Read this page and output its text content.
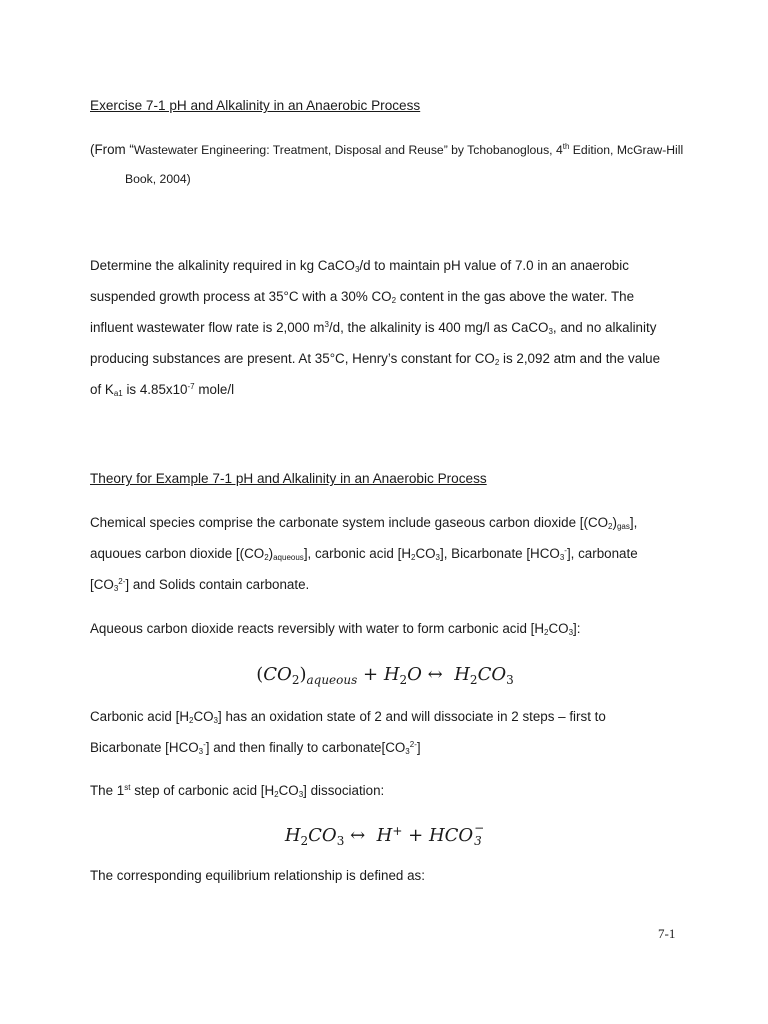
Exercise 7-1 pH and Alkalinity in an Anaerobic Process
(From “Wastewater Engineering: Treatment, Disposal and Reuse” by Tchobanoglous, 4th Edition, McGraw-Hill
Book, 2004)
Determine the alkalinity required in kg CaCO$_3$/d to maintain pH value of 7.0 in an anaerobic
suspended growth process at 35°C with a 30% $CO_2$ content in the gas above the water. The
influent wastewater flow rate is 2,000 $m^3/d$, the alkalinity is 400 mg/l as CaCO$_3$, and no alkalinity
producing substances are present. At 35°C, Henry’s constant for $CO_2$ is 2,092 atm and the value
of $K_{a1}$ is $4.85x10^{-7}$ mole/l
Theory for Example 7-1 pH and Alkalinity in an Anaerobic Process
Chemical species comprise the carbonate system include gaseous carbon dioxide $[(CO_2)_{gas}]$,
aquoues carbon dioxide $[(CO_2)_{aqueous}]$, carbonic acid $[H_2CO_3]$, Bicarbonate $[HCO_3^-]$, carbonate
$[CO_3^{2-}]$ and Solids contain carbonate.
Aqueous carbon dioxide reacts reversibly with water to form carbonic acid $[H_2CO_3]$:
$(CO_2)_{aqueous} + H_2O$ ↔ $H_2CO_3$
Carbonic acid $[H_2CO_3]$ has an oxidation state of 2 and will dissociate in 2 steps – first to
Bicarbonate $[HCO_3^-]$ and then finally to $carbonate[CO_3^{2-}]$
The 1st step of carbonic acid $[H_2CO_3]$ dissociation:
$H_2CO_3$ ↔ H+ + HCO −
3
The corresponding equilibrium relationship is defined as:
7-1
